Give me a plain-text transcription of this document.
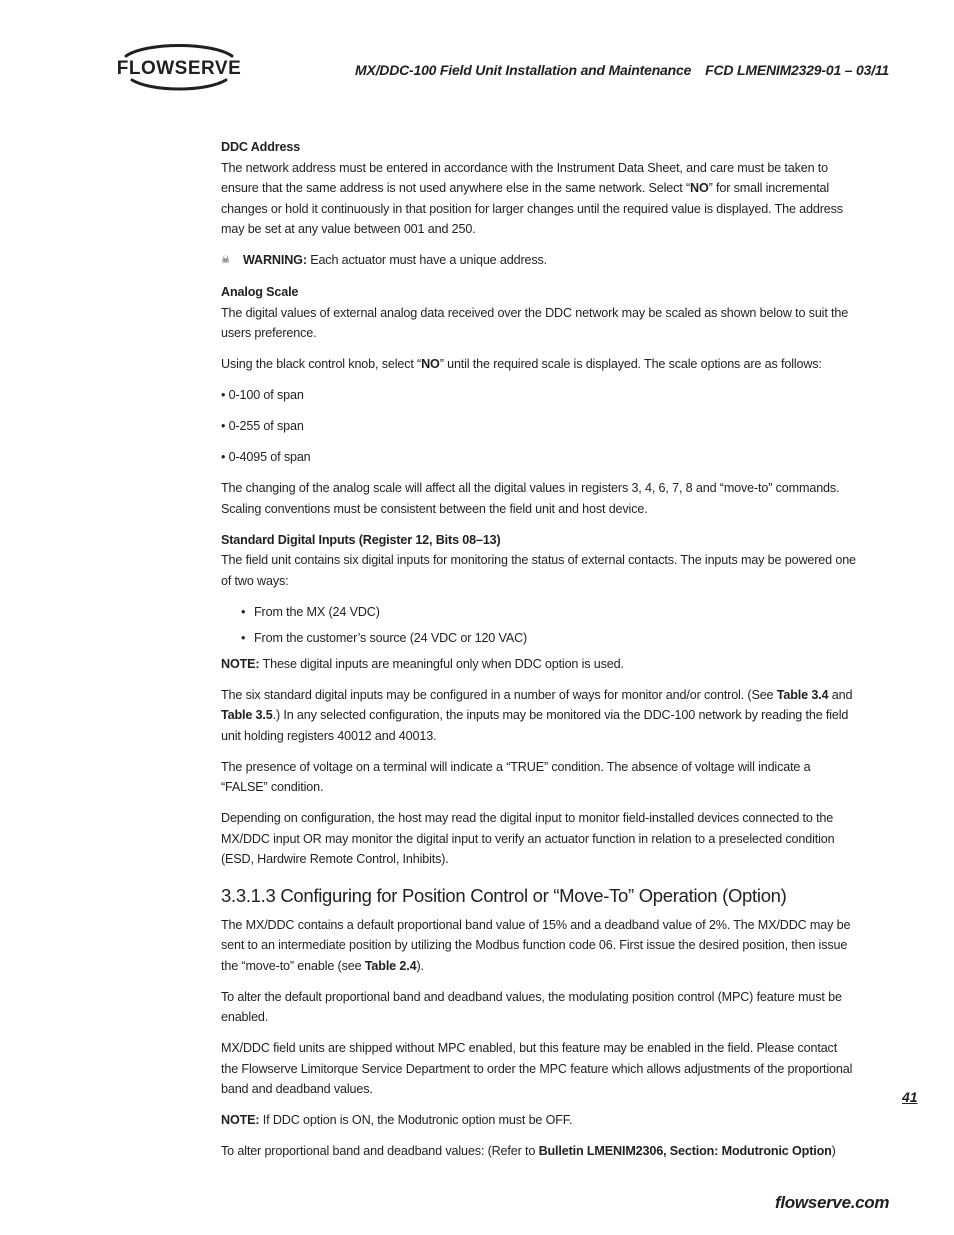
FLOWSERVE	MX/DDC-100 Field Unit Installation and Maintenance FCD LMENIM2329-01 – 03/11
DDC Address

The network address must be entered in accordance with the Instrument Data Sheet, and care must be taken to ensure that the same address is not used anywhere else in the same network. Select “NO” for small incremental changes or hold it continuously in that position for larger changes until the required value is displayed. The address may be set at any value between 001 and 250.

☠ WARNING: Each actuator must have a unique address.

Analog Scale

The digital values of external analog data received over the DDC network may be scaled as shown below to suit the users preference.

Using the black control knob, select “NO” until the required scale is displayed. The scale options are as follows:

• 0-100 of span

• 0-255 of span

• 0-4095 of span

The changing of the analog scale will affect all the digital values in registers 3, 4, 6, 7, 8 and “move-to” commands. Scaling conventions must be consistent between the field unit and host device.

Standard Digital Inputs (Register 12, Bits 08–13)

The field unit contains six digital inputs for monitoring the status of external contacts. The inputs may be powered one of two ways:

• From the MX (24 VDC)
• From the customer’s source (24 VDC or 120 VAC)

NOTE: These digital inputs are meaningful only when DDC option is used.

The six standard digital inputs may be configured in a number of ways for monitor and/or control. (See Table 3.4 and Table 3.5.) In any selected configuration, the inputs may be monitored via the DDC-100 network by reading the field unit holding registers 40012 and 40013.

The presence of voltage on a terminal will indicate a “TRUE” condition. The absence of voltage will indicate a “FALSE” condition.

Depending on configuration, the host may read the digital input to monitor field-installed devices connected to the MX/DDC input OR may monitor the digital input to verify an actuator function in relation to a preselected condition (ESD, Hardwire Remote Control, Inhibits).

3.3.1.3 Configuring for Position Control or “Move-To” Operation (Option)

The MX/DDC contains a default proportional band value of 15% and a deadband value of 2%. The MX/DDC may be sent to an intermediate position by utilizing the Modbus function code 06. First issue the desired position, then issue the “move-to” enable (see Table 2.4).

To alter the default proportional band and deadband values, the modulating position control (MPC) feature must be enabled.

MX/DDC field units are shipped without MPC enabled, but this feature may be enabled in the field. Please contact the Flowserve Limitorque Service Department to order the MPC feature which allows adjustments of the proportional band and deadband values.

NOTE: If DDC option is ON, the Modutronic option must be OFF.

To alter proportional band and deadband values: (Refer to Bulletin LMENIM2306, Section: Modutronic Option)

41
flowserve.com
